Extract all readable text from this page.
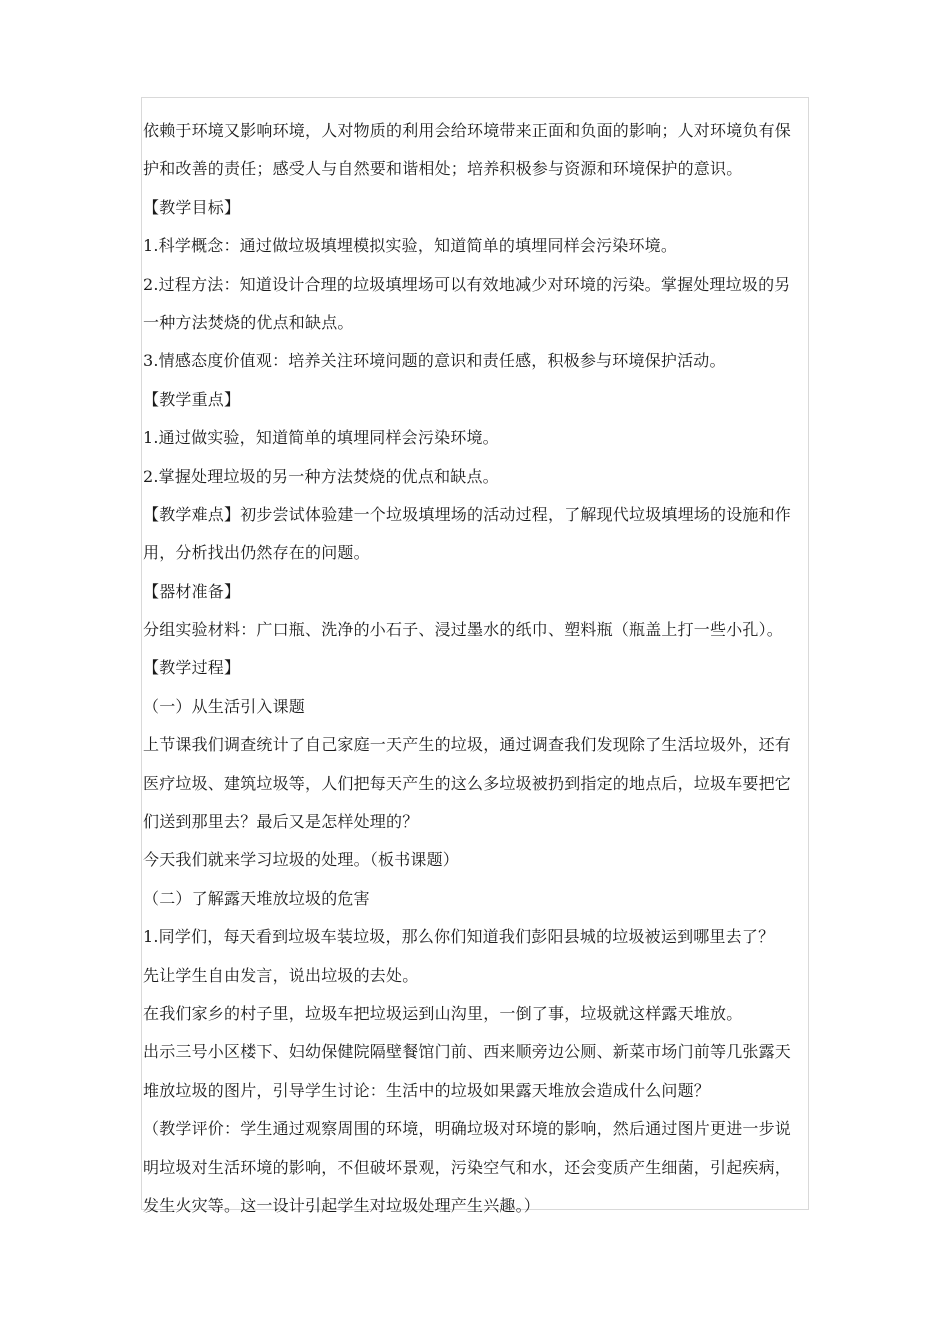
依赖于环境又影响环境，人对物质的利用会给环境带来正面和负面的影响；人对环境负有保
护和改善的责任；感受人与自然要和谐相处；培养积极参与资源和环境保护的意识。
【教学目标】
1.科学概念：通过做垃圾填埋模拟实验，知道简单的填埋同样会污染环境。
2.过程方法：知道设计合理的垃圾填埋场可以有效地减少对环境的污染。掌握处理垃圾的另
一种方法焚烧的优点和缺点。
3.情感态度价值观：培养关注环境问题的意识和责任感，积极参与环境保护活动。
【教学重点】
1.通过做实验，知道简单的填埋同样会污染环境。
2.掌握处理垃圾的另一种方法焚烧的优点和缺点。
【教学难点】初步尝试体验建一个垃圾填埋场的活动过程，了解现代垃圾填埋场的设施和作
用，分析找出仍然存在的问题。
【器材准备】
分组实验材料：广口瓶、洗净的小石子、浸过墨水的纸巾、塑料瓶（瓶盖上打一些小孔）。
【教学过程】
（一）从生活引入课题
上节课我们调查统计了自己家庭一天产生的垃圾，通过调查我们发现除了生活垃圾外，还有
医疗垃圾、建筑垃圾等，人们把每天产生的这么多垃圾被扔到指定的地点后，垃圾车要把它
们送到那里去？最后又是怎样处理的？
今天我们就来学习垃圾的处理。（板书课题）
（二）了解露天堆放垃圾的危害
1.同学们，每天看到垃圾车装垃圾，那么你们知道我们彭阳县城的垃圾被运到哪里去了？
先让学生自由发言，说出垃圾的去处。
在我们家乡的村子里，垃圾车把垃圾运到山沟里，一倒了事，垃圾就这样露天堆放。
出示三号小区楼下、妇幼保健院隔壁餐馆门前、西来顺旁边公厕、新菜市场门前等几张露天
堆放垃圾的图片，引导学生讨论：生活中的垃圾如果露天堆放会造成什么问题？
（教学评价：学生通过观察周围的环境，明确垃圾对环境的影响，然后通过图片更进一步说
明垃圾对生活环境的影响，不但破坏景观，污染空气和水，还会变质产生细菌，引起疾病，
发生火灾等。这一设计引起学生对垃圾处理产生兴趣。）
